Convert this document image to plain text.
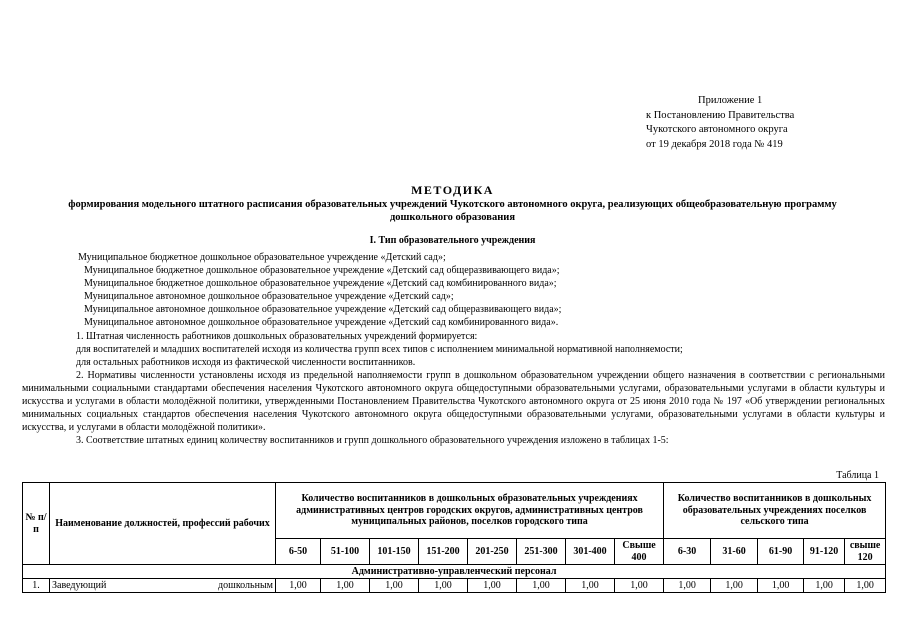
Приложение 1
к Постановлению Правительства
Чукотского автономного округа
от 19 декабря 2018 года № 419
МЕТОДИКА
формирования модельного штатного расписания образовательных учреждений Чукотского автономного округа, реализующих общеобразовательную программу дошкольного образования
I. Тип образовательного учреждения

Муниципальное бюджетное дошкольное образовательное учреждение «Детский сад»;

Муниципальное бюджетное дошкольное образовательное учреждение «Детский сад общеразвивающего вида»;

Муниципальное бюджетное дошкольное образовательное учреждение «Детский сад комбинированного вида»;

Муниципальное автономное дошкольное образовательное учреждение «Детский сад»;

Муниципальное автономное дошкольное образовательное учреждение «Детский сад общеразвивающего вида»;

Муниципальное автономное дошкольное образовательное учреждение «Детский сад комбинированного вида».

1. Штатная численность работников дошкольных образовательных учреждений формируется:

для воспитателей и младших воспитателей исходя из количества групп всех типов с исполнением минимальной нормативной наполняемости;

для остальных работников исходя из фактической численности воспитанников.

2. Нормативы численности установлены исходя из предельной наполняемости групп в дошкольном образовательном учреждении общего назначения в соответствии с региональными минимальными социальными стандартами обеспечения населения Чукотского автономного округа общедоступными образовательными услугами, образовательными услугами в области культуры и искусства и услугами в области молодёжной политики, утвержденными Постановлением Правительства Чукотского автономного округа от 25 июня 2010 года № 197 «Об утверждении региональных минимальных социальных стандартов обеспечения населения Чукотского автономного округа общедоступными образовательными услугами, образовательными услугами в области культуры и искусства, и услугами в области молодёжной политики».

3. Соответствие штатных единиц количеству воспитанников и групп дошкольного образовательного учреждения изложено в таблицах 1-5:

Таблица 1
№ п/п	Наименование должностей, профессий рабочих	Количество воспитанников в дошкольных образовательных учреждениях административных центров городских округов, административных центров муниципальных районов, поселков городского типа								Количество воспитанников в дошкольных образовательных учреждениях поселков сельского типа				
		6-50	51-100	101-150	151-200	201-250	251-300	301-400	Свыше 400	6-30	31-60	61-90	91-120	свыше 120
Административно-управленческий персонал														
1.	Заведующий дошкольным	1,00	1,00	1,00	1,00	1,00	1,00	1,00	1,00	1,00	1,00	1,00	1,00	1,00
